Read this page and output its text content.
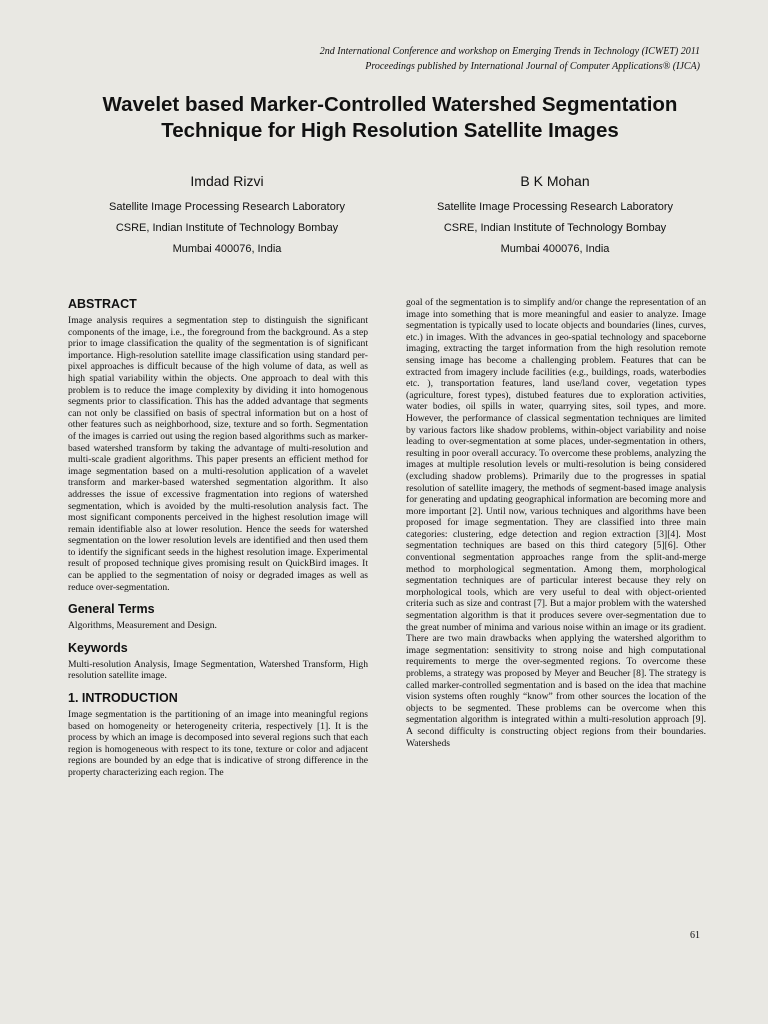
2nd International Conference and workshop on Emerging Trends in Technology (ICWET) 2011
Proceedings published by International Journal of Computer Applications® (IJCA)
Wavelet based Marker-Controlled Watershed Segmentation Technique for High Resolution Satellite Images
Imdad Rizvi
Satellite Image Processing Research Laboratory
CSRE, Indian Institute of Technology Bombay
Mumbai 400076, India
B K Mohan
Satellite Image Processing Research Laboratory
CSRE, Indian Institute of Technology Bombay
Mumbai 400076, India
ABSTRACT

Image analysis requires a segmentation step to distinguish the significant components of the image, i.e., the foreground from the background. As a step prior to image classification the quality of the segmentation is of significant importance. High-resolution satellite image classification using standard per-pixel approaches is difficult because of the high volume of data, as well as high spatial variability within the objects. One approach to deal with this problem is to reduce the image complexity by dividing it into homogenous segments prior to classification. This has the added advantage that segments can not only be classified on basis of spectral information but on a host of other features such as neighborhood, size, texture and so forth. Segmentation of the images is carried out using the region based algorithms such as marker-based watershed transform by taking the advantage of multi-resolution and multi-scale gradient algorithms. This paper presents an efficient method for image segmentation based on a multi-resolution application of a wavelet transform and marker-based watershed segmentation algorithm. It also addresses the issue of excessive fragmentation into regions of watershed segmentation, which is avoided by the multi-resolution analysis fact. The most significant components perceived in the highest resolution image will remain identifiable also at lower resolution. Hence the seeds for watershed segmentation on the lower resolution levels are identified and then used them to identify the significant seeds in the highest resolution image. Experimental result of proposed technique gives promising result on QuickBird images. It can be applied to the segmentation of noisy or degraded images as well as reduce over-segmentation.

General Terms

Algorithms, Measurement and Design.

Keywords

Multi-resolution Analysis, Image Segmentation, Watershed Transform, High resolution satellite image.

1. INTRODUCTION

Image segmentation is the partitioning of an image into meaningful regions based on homogeneity or heterogeneity criteria, respectively [1]. It is the process by which an image is decomposed into several regions such that each region is homogeneous with respect to its tone, texture or color and adjacent regions are bounded by an edge that is indicative of strong difference in the property characterizing each region. The

goal of the segmentation is to simplify and/or change the representation of an image into something that is more meaningful and easier to analyze. Image segmentation is typically used to locate objects and boundaries (lines, curves, etc.) in images. With the advances in geo-spatial technology and spaceborne imaging, extracting the target information from the high resolution remote sensing image has become a challenging problem. Features that can be extracted from imagery include facilities (e.g., buildings, roads, waterbodies etc. ), transportation features, land use/land cover, vegetation types (agriculture, forest types), distubed features due to exploration activities, water bodies, oil spills in water, quarrying sites, soil types, and more. However, the performance of classical segmentation techniques are limited by various factors like shadow problems, within-object variability and noise leading to over-segmentation at some places, under-segmentation in others, resulting in poor overall accuracy. To overcome these problems, analyzing the images at multiple resolution levels or multi-resolution is being considered (excluding shadow problems). Primarily due to the progresses in spatial resolution of satellite imagery, the methods of segment-based image analysis for generating and updating geographical information are becoming more and more important [2]. Until now, various techniques and algorithms have been proposed for image segmentation. They are classified into three main categories: clustering, edge detection and region extraction [3][4]. Most segmentation techniques are based on this third category [5][6]. Other conventional segmentation approaches range from the split-and-merge method to morphological segmentation. Among them, morphological segmentation techniques are of particular interest because they rely on morphological tools, which are very useful to deal with object-oriented criteria such as size and contrast [7]. But a major problem with the watershed segmentation algorithm is that it produces severe over-segmentation due to the great number of minima and various noise within an image or its gradient. There are two main drawbacks when applying the watershed algorithm to image segmentation: sensitivity to strong noise and high computational requirements to merge the over-segmented regions. To overcome these problems, a strategy was proposed by Meyer and Beucher [8]. The strategy is called marker-controlled segmentation and is based on the idea that machine vision systems often roughly “know” from other sources the location of the objects to be segmented. These problems can be overcome when this segmentation algorithm is integrated within a multi-resolution approach [9]. A second difficulty is constructing object regions from their boundaries. Watersheds

61
